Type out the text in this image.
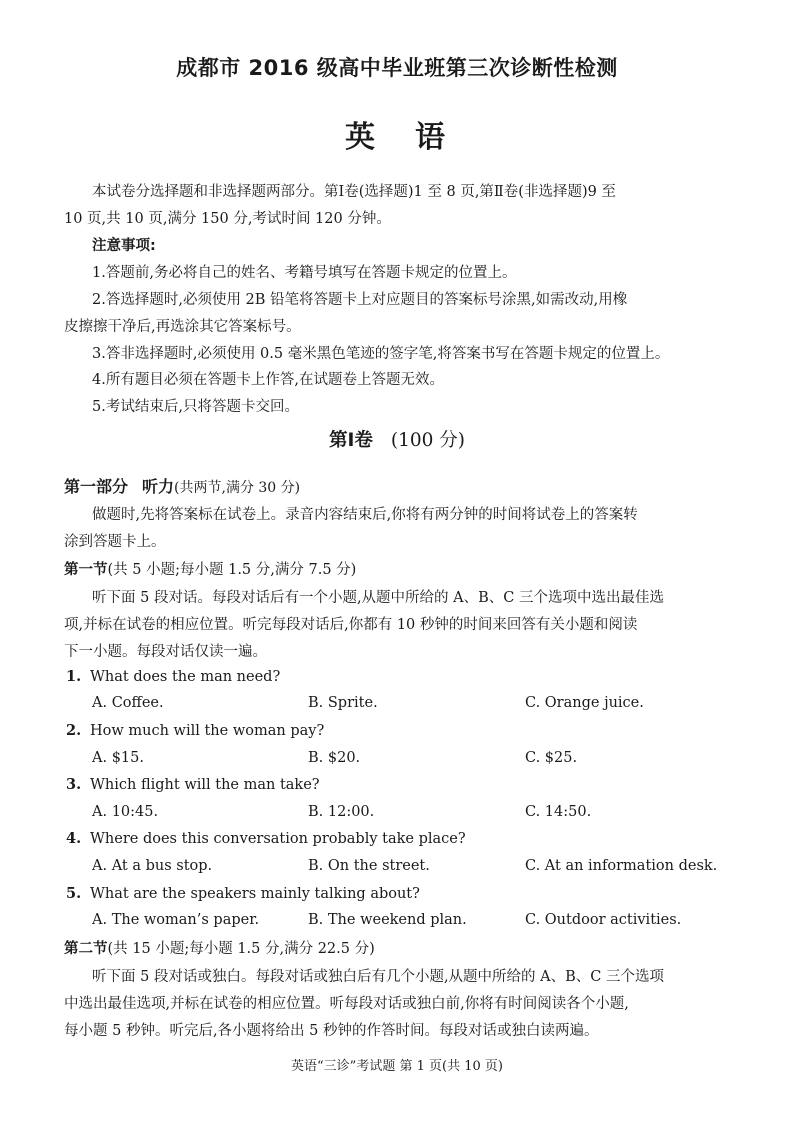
成都市 2016 级高中毕业班第三次诊断性检测
英 语
本试卷分选择题和非选择题两部分。第Ⅰ卷(选择题)1 至 8 页,第Ⅱ卷(非选择题)9 至
10 页,共 10 页,满分 150 分,考试时间 120 分钟。
注意事项:
1.答题前,务必将自己的姓名、考籍号填写在答题卡规定的位置上。
2.答选择题时,必须使用 2B 铅笔将答题卡上对应题目的答案标号涂黑,如需改动,用橡
皮擦擦干净后,再选涂其它答案标号。
3.答非选择题时,必须使用 0.5 毫米黑色笔迹的签字笔,将答案书写在答题卡规定的位置上。
4.所有题目必须在答题卡上作答,在试题卷上答题无效。
5.考试结束后,只将答题卡交回。
第Ⅰ卷 (100 分)
第一部分 听力(共两节,满分 30 分)
做题时,先将答案标在试卷上。录音内容结束后,你将有两分钟的时间将试卷上的答案转
涂到答题卡上。
第一节(共 5 小题;每小题 1.5 分,满分 7.5 分)
听下面 5 段对话。每段对话后有一个小题,从题中所给的 A、B、C 三个选项中选出最佳选
项,并标在试卷的相应位置。听完每段对话后,你都有 10 秒钟的时间来回答有关小题和阅读
下一小题。每段对话仅读一遍。
1. What does the man need?
A. Coffee.	B. Sprite.	C. Orange juice.
2. How much will the woman pay?
A. $15.	B. $20.	C. $25.
3. Which flight will the man take?
A. 10:45.	B. 12:00.	C. 14:50.
4. Where does this conversation probably take place?
A. At a bus stop.	B. On the street.	C. At an information desk.
5. What are the speakers mainly talking about?
A. The woman’s paper.	B. The weekend plan.	C. Outdoor activities.
第二节(共 15 小题;每小题 1.5 分,满分 22.5 分)
听下面 5 段对话或独白。每段对话或独白后有几个小题,从题中所给的 A、B、C 三个选项
中选出最佳选项,并标在试卷的相应位置。听每段对话或独白前,你将有时间阅读各个小题,
每小题 5 秒钟。听完后,各小题将给出 5 秒钟的作答时间。每段对话或独白读两遍。
英语“三诊”考试题 第 1 页(共 10 页)
